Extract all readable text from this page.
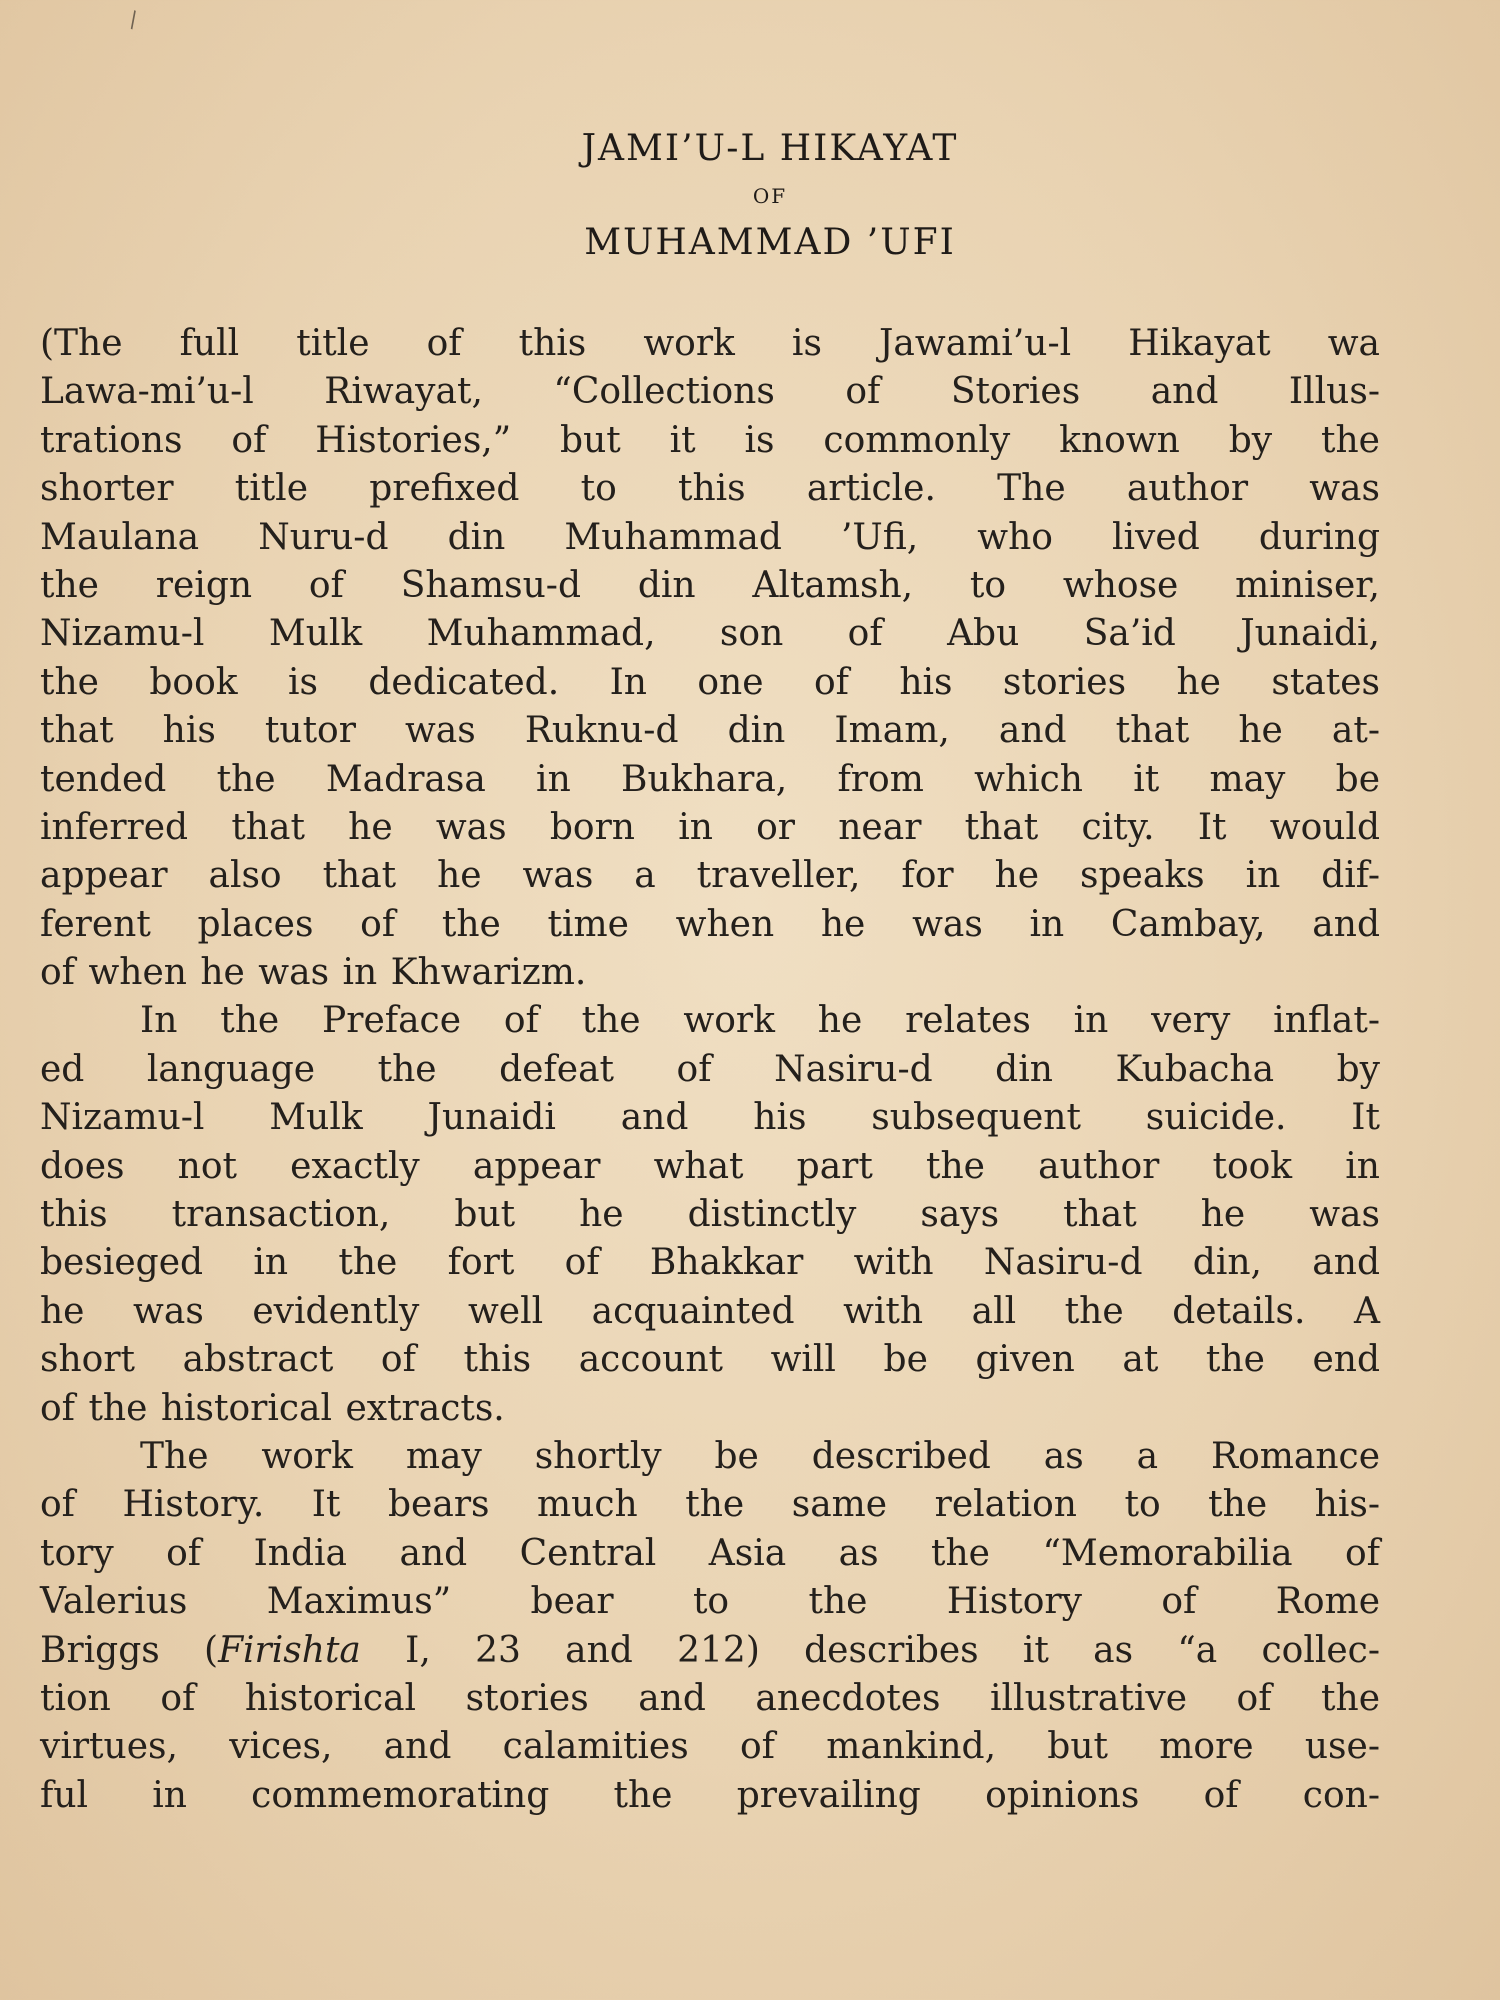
\
JAMI’U-L HIKAYAT
OF
MUHAMMAD ’UFI
(The full title of this work is Jawami’u-l Hikayat wa
Lawa-mi’u-l Riwayat, “Collections of Stories and Illus-
trations of Histories,” but it is commonly known by the
shorter title prefixed to this article. The author was
Maulana Nuru-d din Muhammad ’Ufi, who lived during
the reign of Shamsu-d din Altamsh, to whose miniser,
Nizamu-l Mulk Muhammad, son of Abu Sa’id Junaidi,
the book is dedicated. In one of his stories he states
that his tutor was Ruknu-d din Imam, and that he at-
tended the Madrasa in Bukhara, from which it may be
inferred that he was born in or near that city. It would
appear also that he was a traveller, for he speaks in dif-
ferent places of the time when he was in Cambay, and
of when he was in Khwarizm.
In the Preface of the work he relates in very inflat-
ed language the defeat of Nasiru-d din Kubacha by
Nizamu-l Mulk Junaidi and his subsequent suicide. It
does not exactly appear what part the author took in
this transaction, but he distinctly says that he was
besieged in the fort of Bhakkar with Nasiru-d din, and
he was evidently well acquainted with all the details. A
short abstract of this account will be given at the end
of the historical extracts.
The work may shortly be described as a Romance
of History. It bears much the same relation to the his-
tory of India and Central Asia as the “Memorabilia of
Valerius Maximus” bear to the History of Rome
Briggs (Firishta I, 23 and 212) describes it as “a collec-
tion of historical stories and anecdotes illustrative of the
virtues, vices, and calamities of mankind, but more use-
ful in commemorating the prevailing opinions of con-
